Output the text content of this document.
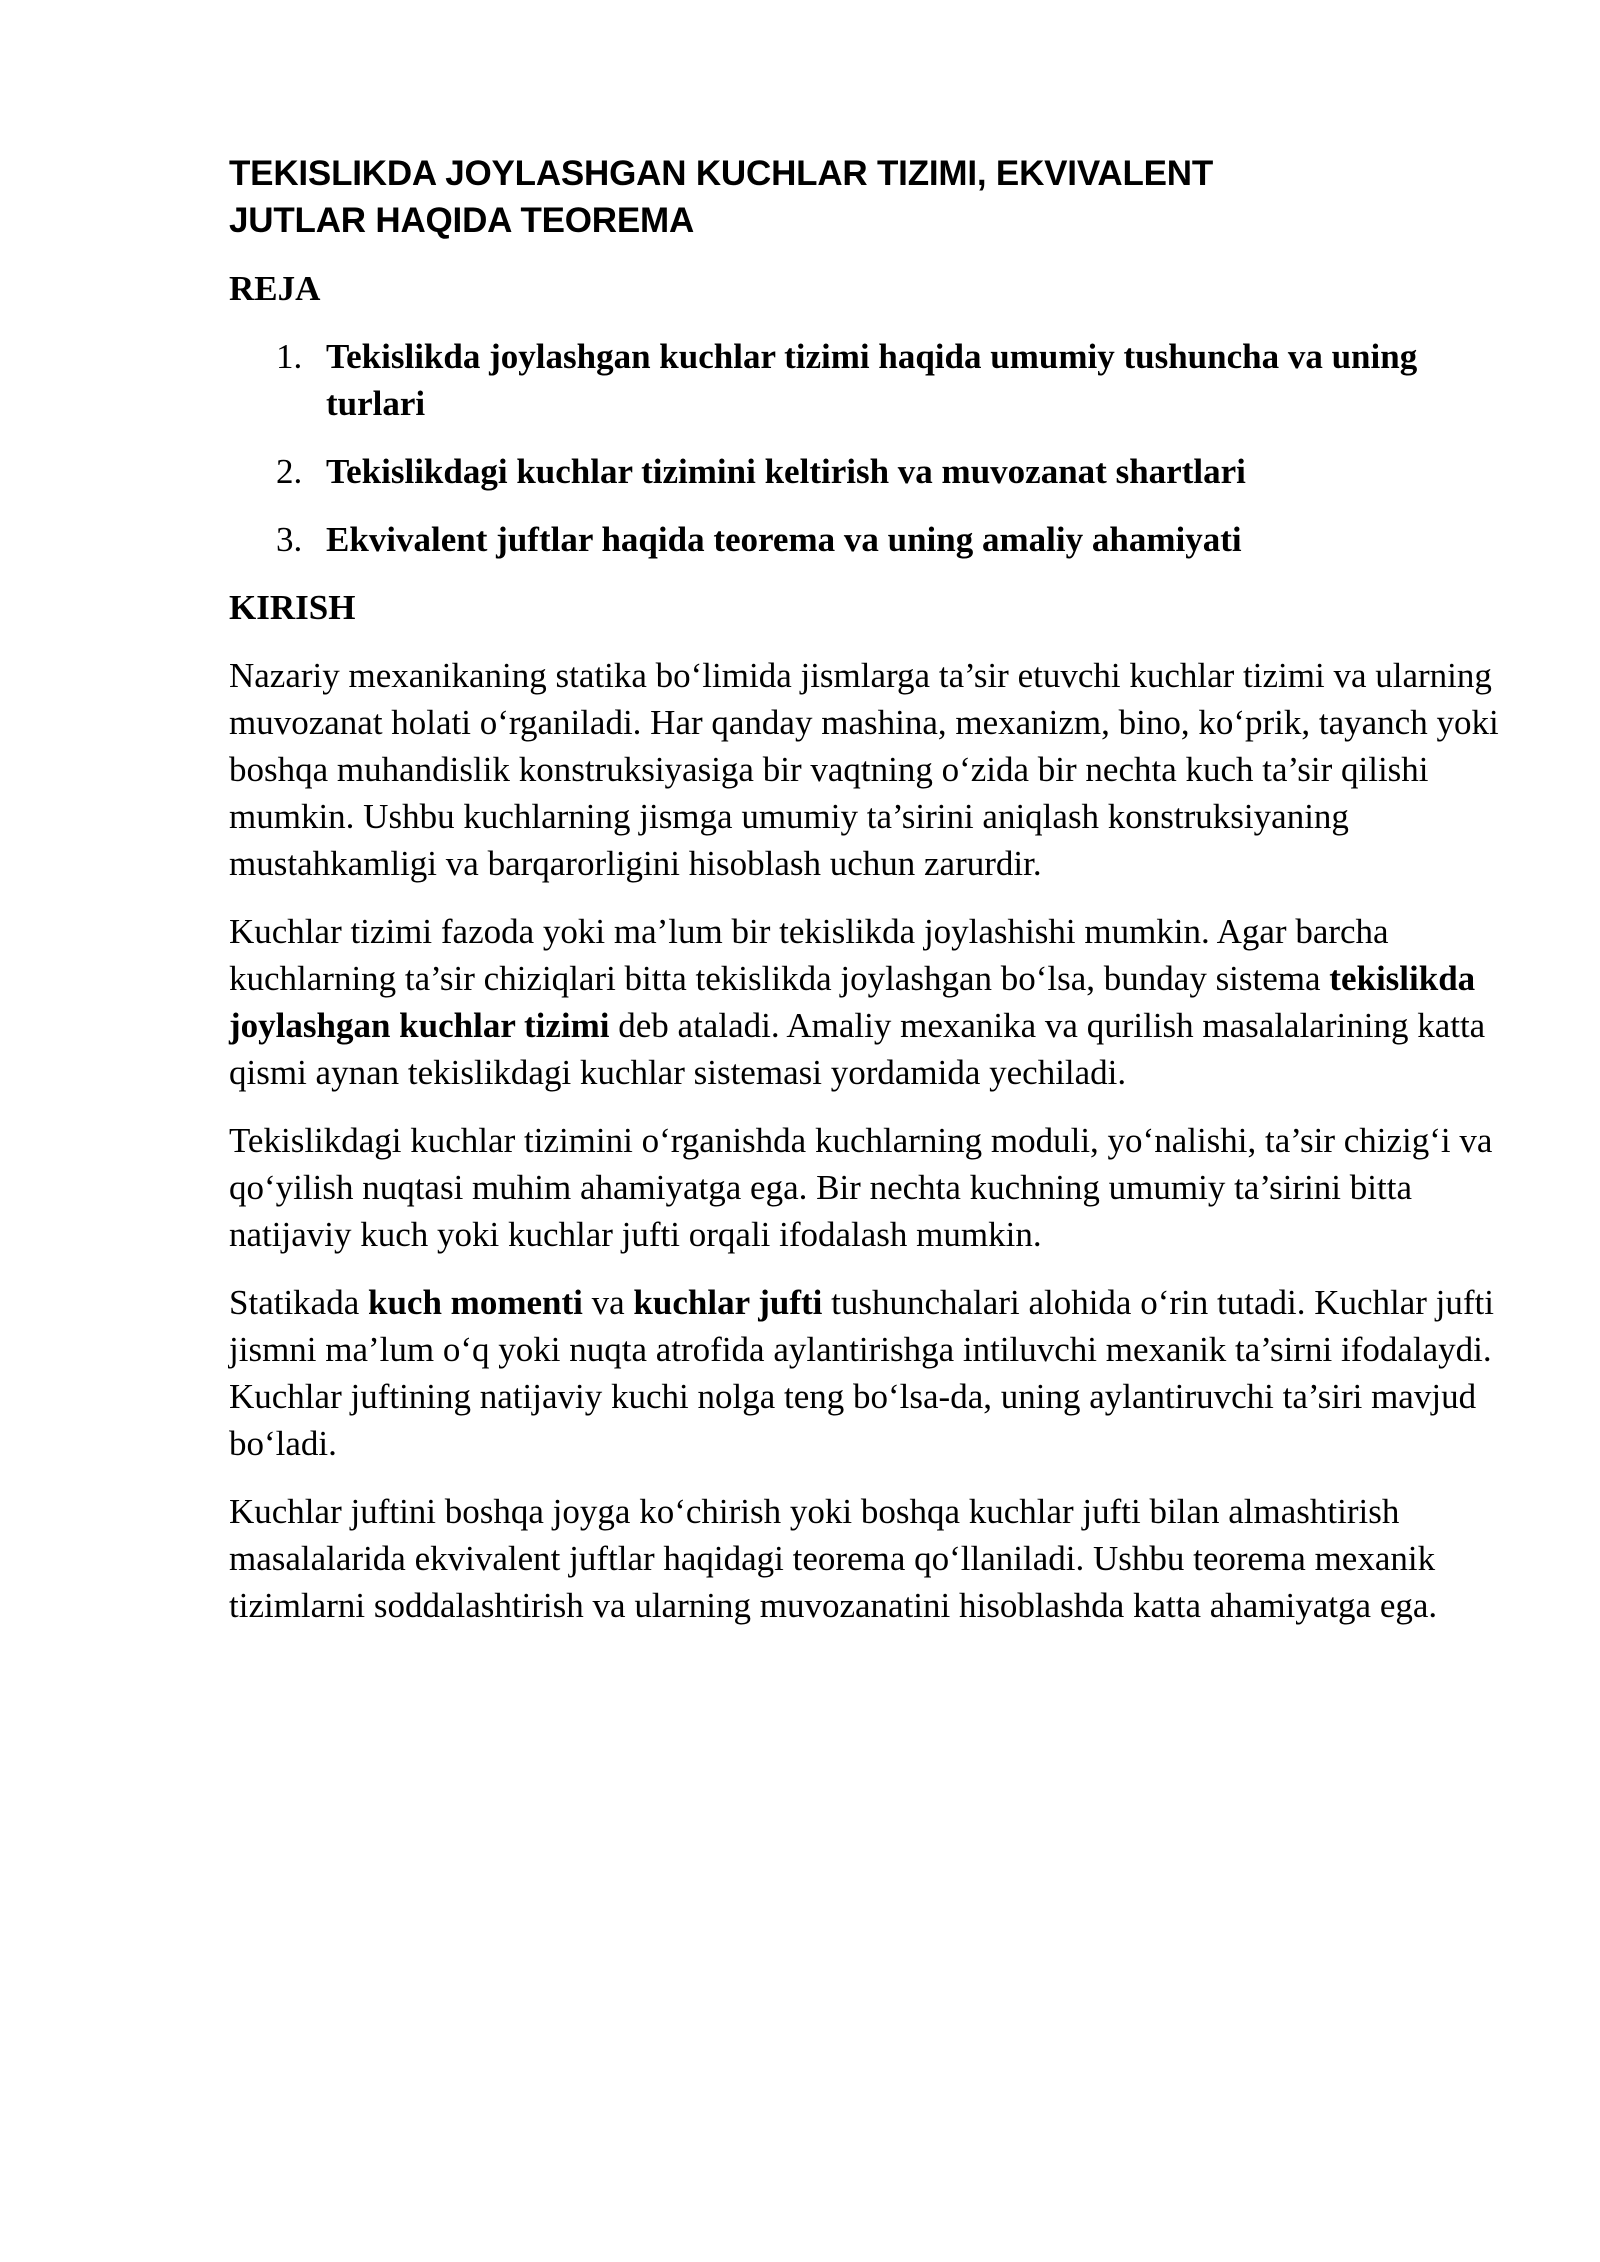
TEKISLIKDA JOYLASHGAN KUCHLAR TIZIMI, EKVIVALENT
JUTLAR HAQIDA TEOREMA
REJA
1. Tekislikda joylashgan kuchlar tizimi haqida umumiy tushuncha va uning turlari
2. Tekislikdagi kuchlar tizimini keltirish va muvozanat shartlari
3. Ekvivalent juftlar haqida teorema va uning amaliy ahamiyati
KIRISH

Nazariy mexanikaning statika bo‘limida jismlarga ta’sir etuvchi kuchlar tizimi va ularning muvozanat holati o‘rganiladi. Har qanday mashina, mexanizm, bino, ko‘prik, tayanch yoki boshqa muhandislik konstruksiyasiga bir vaqtning o‘zida bir nechta kuch ta’sir qilishi mumkin. Ushbu kuchlarning jismga umumiy ta’sirini aniqlash konstruksiyaning mustahkamligi va barqarorligini hisoblash uchun zarurdir.

Kuchlar tizimi fazoda yoki ma’lum bir tekislikda joylashishi mumkin. Agar barcha kuchlarning ta’sir chiziqlari bitta tekislikda joylashgan bo‘lsa, bunday sistema tekislikda joylashgan kuchlar tizimi deb ataladi. Amaliy mexanika va qurilish masalalarining katta qismi aynan tekislikdagi kuchlar sistemasi yordamida yechiladi.

Tekislikdagi kuchlar tizimini o‘rganishda kuchlarning moduli, yo‘nalishi, ta’sir chizig‘i va qo‘yilish nuqtasi muhim ahamiyatga ega. Bir nechta kuchning umumiy ta’sirini bitta natijaviy kuch yoki kuchlar jufti orqali ifodalash mumkin.

Statikada kuch momenti va kuchlar jufti tushunchalari alohida o‘rin tutadi. Kuchlar jufti jismni ma’lum o‘q yoki nuqta atrofida aylantirishga intiluvchi mexanik ta’sirni ifodalaydi. Kuchlar juftining natijaviy kuchi nolga teng bo‘lsa-da, uning aylantiruvchi ta’siri mavjud bo‘ladi.

Kuchlar juftini boshqa joyga ko‘chirish yoki boshqa kuchlar jufti bilan almashtirish masalalarida ekvivalent juftlar haqidagi teorema qo‘llaniladi. Ushbu teorema mexanik tizimlarni soddalashtirish va ularning muvozanatini hisoblashda katta ahamiyatga ega.
